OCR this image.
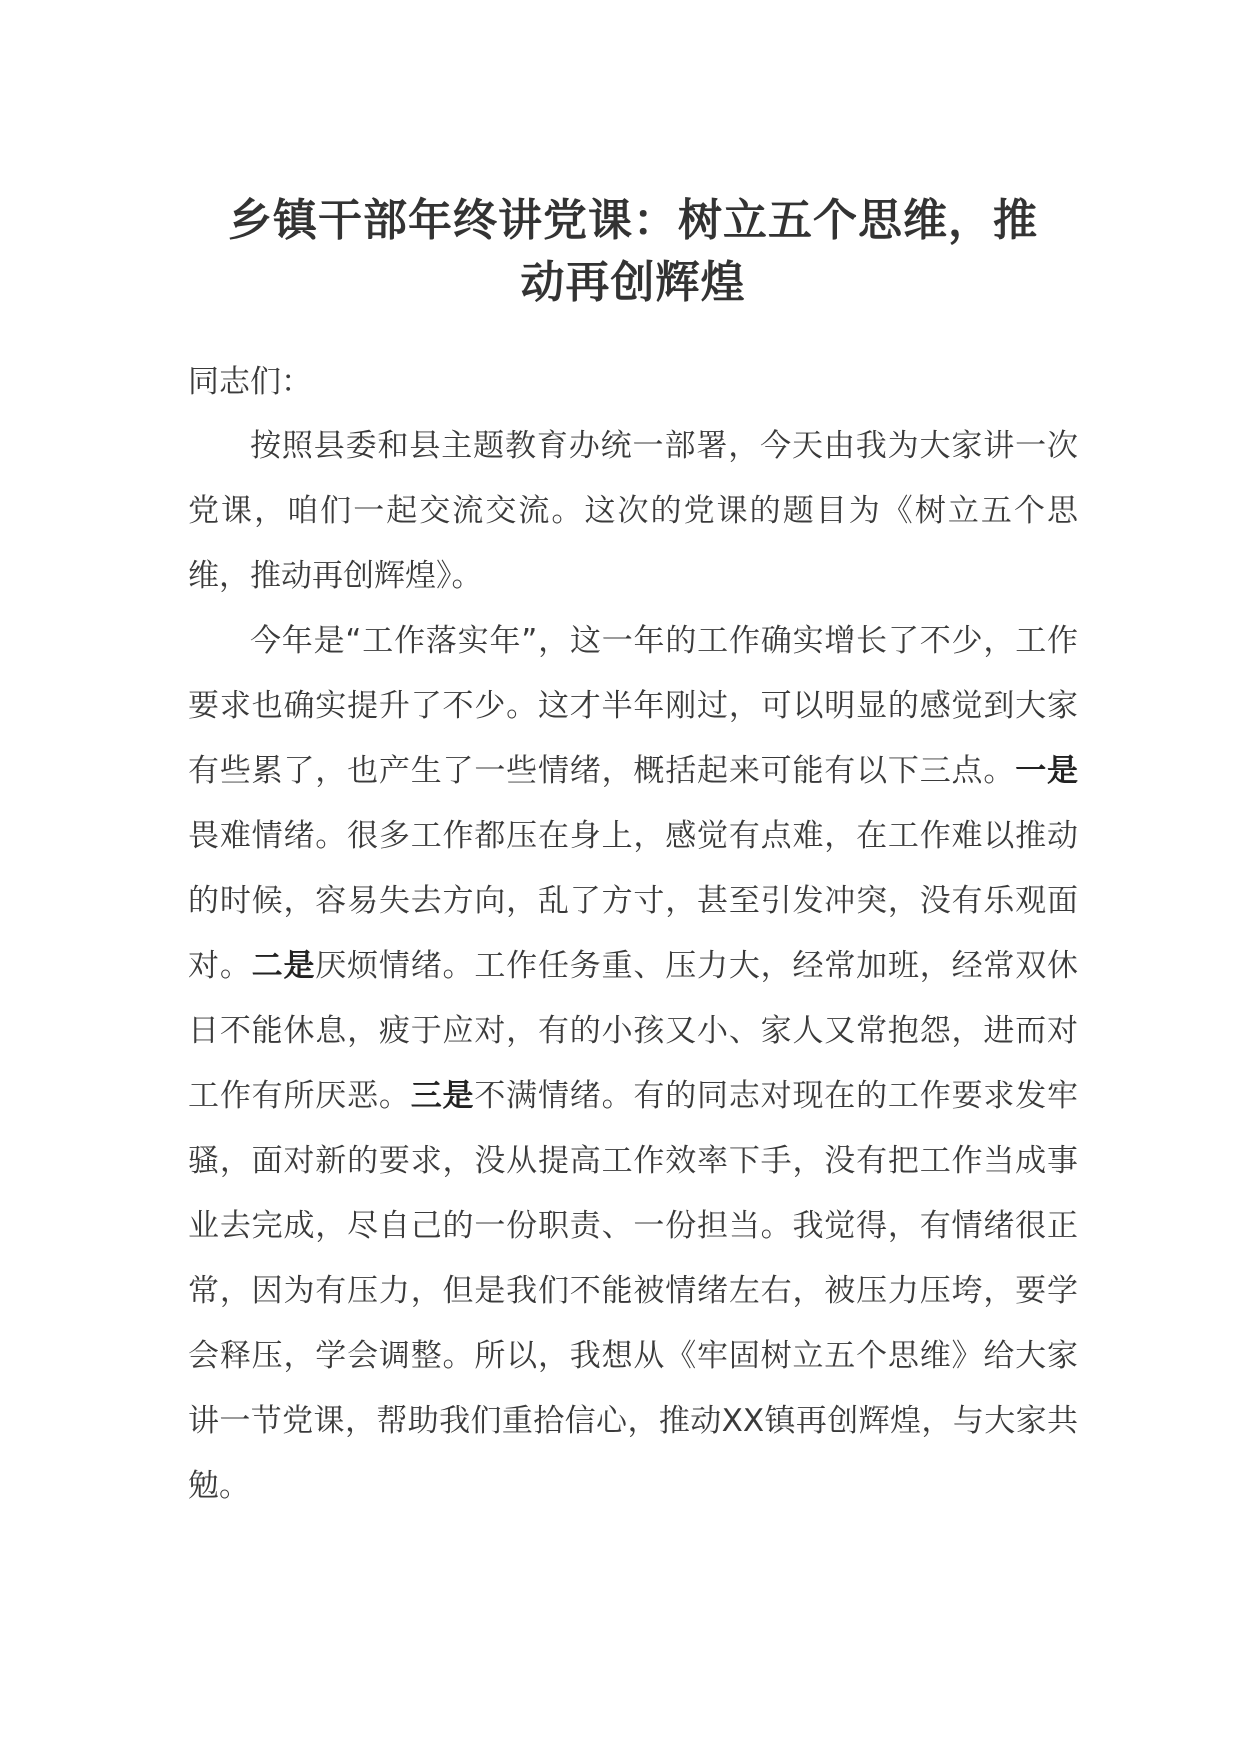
乡镇干部年终讲党课：树立五个思维，推
动再创辉煌

同志们：

按照县委和县主题教育办统一部署，今天由我为大家讲一次党课，咱们一起交流交流。这次的党课的题目为《树立五个思维，推动再创辉煌》。

今年是“工作落实年”，这一年的工作确实增长了不少，工作要求也确实提升了不少。这才半年刚过，可以明显的感觉到大家有些累了，也产生了一些情绪，概括起来可能有以下三点。一是畏难情绪。很多工作都压在身上，感觉有点难，在工作难以推动的时候，容易失去方向，乱了方寸，甚至引发冲突，没有乐观面对。二是厌烦情绪。工作任务重、压力大，经常加班，经常双休日不能休息，疲于应对，有的小孩又小、家人又常抱怨，进而对工作有所厌恶。三是不满情绪。有的同志对现在的工作要求发牢骚，面对新的要求，没从提高工作效率下手，没有把工作当成事业去完成，尽自己的一份职责、一份担当。我觉得，有情绪很正常，因为有压力，但是我们不能被情绪左右，被压力压垮，要学会释压，学会调整。所以，我想从《牢固树立五个思维》给大家讲一节党课，帮助我们重拾信心，推动XX镇再创辉煌，与大家共勉。
